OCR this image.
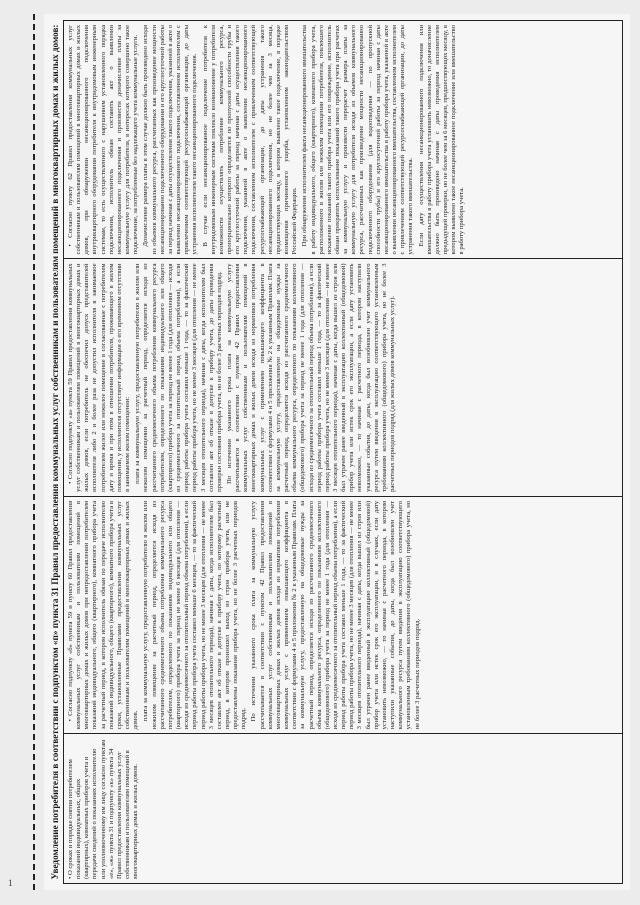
Уведомление потребителя в соответствии с подпунктом «п» пункта 31 Правил предоставления коммунальных услуг собственникам и пользователям помещений в многоквартирных домах и жилых домов: • О сроках и порядке снятия потребителем показаний индивидуальных, общих (квартирных), комнатных приборов учета и передачи сведений о показаниях исполнителю или уполномоченному им лицу согласно пунктам «е», «ж» пункта 31 и подпункту «к» пункта 34 Правил предоставления коммунальных услуг собственникам и пользователям помещений в многоквартирных домах и жилых домов.

• Согласно подпункту «б» пункта 59 и пункту 60 Правил предоставления коммунальных услуг собственникам и пользователям помещений в многоквартирных домах и жилых домов при непредоставлении потребителем показаний индивидуального, общего (квартирного), комнатного прибора учета за расчетный период, в котором исполнитель обязан по передаче исполнителю показаний индивидуального, общего (квартирного), комнатного прибора учета в сроки, установленные Правилами предоставления коммунальных услуг собственникам и пользователям помещений в многоквартирных домах и жилых домов. плата за коммунальную услугу, предоставленную потребителю в жилом или нежилом помещении за расчетный период, определяется исходя из рассчитанного среднемесячного объема потребления коммунального ресурса потребителем, определенного по показаниям индивидуального или общего (квартирного) прибора учета за период не менее 6 месяцев (для отопления — исходя из среднемесячного за отопительный период объема потребления), а если период работы прибора учета составил меньше 6 месяцев, — то за фактический период работы прибора учета, но не менее 3 месяцев (для отопления — не менее 3 месяцев отопительного периода), начиная с даты, когда исполнителем был составлен акт об отказе в допуске к прибору учета, по которому расчетный период, в котором произошел выход из строя прибора учета, или не предоставлены показания прибора учета, но не более 3 расчетных периодов подряд. По истечении указанного срока плата за коммунальную услугу рассчитывается в соответствии с пунктом 42 Правил предоставления коммунальных услуг собственникам и пользователям помещений в многоквартирных домах и жилых домов исходя из нормативов потребления коммунальных услуг с применением повышающего коэффициента в соответствии с формулами 4 и 5 приложения № 2 к указанным Правилам. Плата за коммунальную услугу, предоставленную на общедомовые нужды за расчетный период, определяется исходя из рассчитанного среднемесячного объема коммунального ресурса, определенного по показаниям коллективного (общедомового) прибора учета за период не менее 1 года (для отопления — исходя из среднемесячного за отопительный период объема потребления), а если период работы прибора учета составил меньше 1 года, — то за фактический период работы прибора учета, но не менее 3 месяцев (для отопления — не менее 3 месяцев отопительного периода), начиная с даты, когда вышел из строя или был утрачен ранее введенный в эксплуатацию коллективный (общедомовой) прибор учета или истек срок его эксплуатации, и в случаях, если дату установить невозможно, — то начиная с расчетного периода, в котором наступили указанные события, до даты, когда был возобновлен учет коммунального ресурса путем введения в эксплуатацию соответствующего установленным требованиям коллективного (общедомового) прибора учета, но не более 3 расчетных периодов подряд.

• Согласно подпункту «а» пункта 59 Правил предоставления коммунальных услуг собственникам и пользователям помещений в многоквартирных домах и жилых домов, если потребитель не обеспечил допуск представителей исполнителя либо 2 и более раза не допустил исполнителя в занимаемое потребителем жилое или нежилое помещение в согласованные с потребителем дату и время и при этом в отношении потребителя, проживающего в жилом помещении, у исполнителя отсутствует информация о его временном отсутствии в занимаемом жилом помещении: плата за коммунальную услугу, предоставленную потребителю в жилом или нежилом помещении за расчетный период, определяется исходя из рассчитанного среднемесячного объема потребления коммунального ресурса потребителем, определенного по показаниям индивидуального или общего (квартирного) прибора учета за период не менее 1 года (для отопления — исходя из среднемесячного за отопительный период объема потребления), а если период работы прибора учета составил меньше 1 года, — то за фактический период работы прибора учета, но не менее 3 месяцев (для отопления — не менее 3 месяцев отопительного периода), начиная с даты, когда исполнителем был составлен акт об отказе в допуске к прибору учета, до даты проведения проверки состояния прибора учета, но не более 3 расчетных периодов подряд. По истечении указанного срока плата за коммунальную услугу рассчитывается в соответствии с пунктом 42 Правил предоставления коммунальных услуг собственникам и пользователям помещений в многоквартирных домах и жилых домов исходя из нормативов потребления коммунальных услуг с применением повышающего коэффициента в соответствии с формулами 4 и 5 приложения № 2 к указанным Правилам. Плата за коммунальную услугу, предоставленную на общедомовые нужды за расчетный период, определяется исходя из рассчитанного среднемесячного объема коммунального ресурса, определенного по показаниям коллективного (общедомового) прибора учета за период не менее 1 года (для отопления — исходя из среднемесячного за отопительный период объема потребления), а если период работы прибора учета составил меньше 1 года, — то за фактический период работы прибора учета, но не менее 3 месяцев (для отопления — не менее 3 месяцев отопительного периода), начиная с даты, когда вышел из строя или был утрачен ранее введенный в эксплуатацию коллективный (общедомовой) прибор учета или истек срок его эксплуатации, а если дату установить невозможно, — то начиная с расчетного периода, в котором наступили указанные события, до даты, когда был возобновлен учет коммунального ресурса путем введения в эксплуатацию соответствующего установленным требованиям коллективного (общедомового) прибора учета, но не более 3 расчетных периодов подряд (для жилых домов коммунальных услуг).

• Согласно пункту 62 Правил предоставления коммунальных услуг собственникам и пользователям помещений в многоквартирных домах и жилых домов, при обнаружении несанкционированного подключения внутриквартирного оборудования потребителя к внутридомовым инженерным системам, то есть осуществленного с нарушением установленного порядка подключения, исполнитель обязан составить акт о выявлении несанкционированного подключения и произвести доначисление платы за коммунальную услугу для потребителя, в интересах которого совершено такое подключение, за потребленные без надлежащего учета коммунальные услуги. Доначисление размера платы в этом случае должно быть произведено исходя из объемов коммунального ресурса, рассчитанных как произведение мощности несанкционированно подключенного оборудования и его круглосуточной работы за период начиная с даты осуществления такого подключения, указанной в акте о выявлении несанкционированного подключения, составленном исполнителем с привлечением соответствующей ресурсоснабжающей организации, до даты устранения исполнителем такого несанкционированного подключения. В случае если несанкционированное подключение потребителя к внутридомовым инженерным системам повлекло возникновение у потребителя возможности осуществлять потребление коммунального ресурса, пропорционально которого определяется по пропускной способности трубы и его круглосуточной работы за период начиная с даты осуществления такого подключения, указанной в акте о выявлении несанкционированного подключения, составленном исполнителем с привлечением соответствующей ресурсоснабжающей организации, до даты устранения такого несанкционированного подключения, но не более чем за 3 месяца, предшествующих месяцу, в котором выявлено такое подключение, в порядке возмещения причиненного ущерба, установленном законодательством Российской Федерации. При обнаружении исполнителем факта несанкционированного вмешательства в работу индивидуального, общего (квартирного), комнатного прибора учета, расположенного в жилом или нежилом помещении потребителя, повлекшего искажение показаний такого прибора учета или его повреждение, исполнитель обязан прекратить использование показаний такого прибора учета при расчетах за коммунальную услугу и произвести перерасчет размера платы за коммунальную услугу для потребителя исходя из объемов коммунального ресурса, рассчитанных как произведение мощности несанкционированно подключенного оборудования (для водоотведения — по пропускной способности трубы) и его круглосуточной работы за период начиная с даты несанкционированного вмешательства в работу прибора учета, указанной в акте о выявлении несанкционированного вмешательства, составленном исполнителем с привлечением соответствующей ресурсоснабжающей организации, до даты устранения такого вмешательства. Если дату осуществления несанкционированного подключения или вмешательства в работу прибора учета установить невозможно, то доначисление должно быть произведено начиная с даты проведения исполнителем предыдущей проверки, но не более чем за 6 месяцев, предшествующих месяцу, в котором выявлено такое несанкционированное подключение или вмешательство в работу прибора учета.

1
